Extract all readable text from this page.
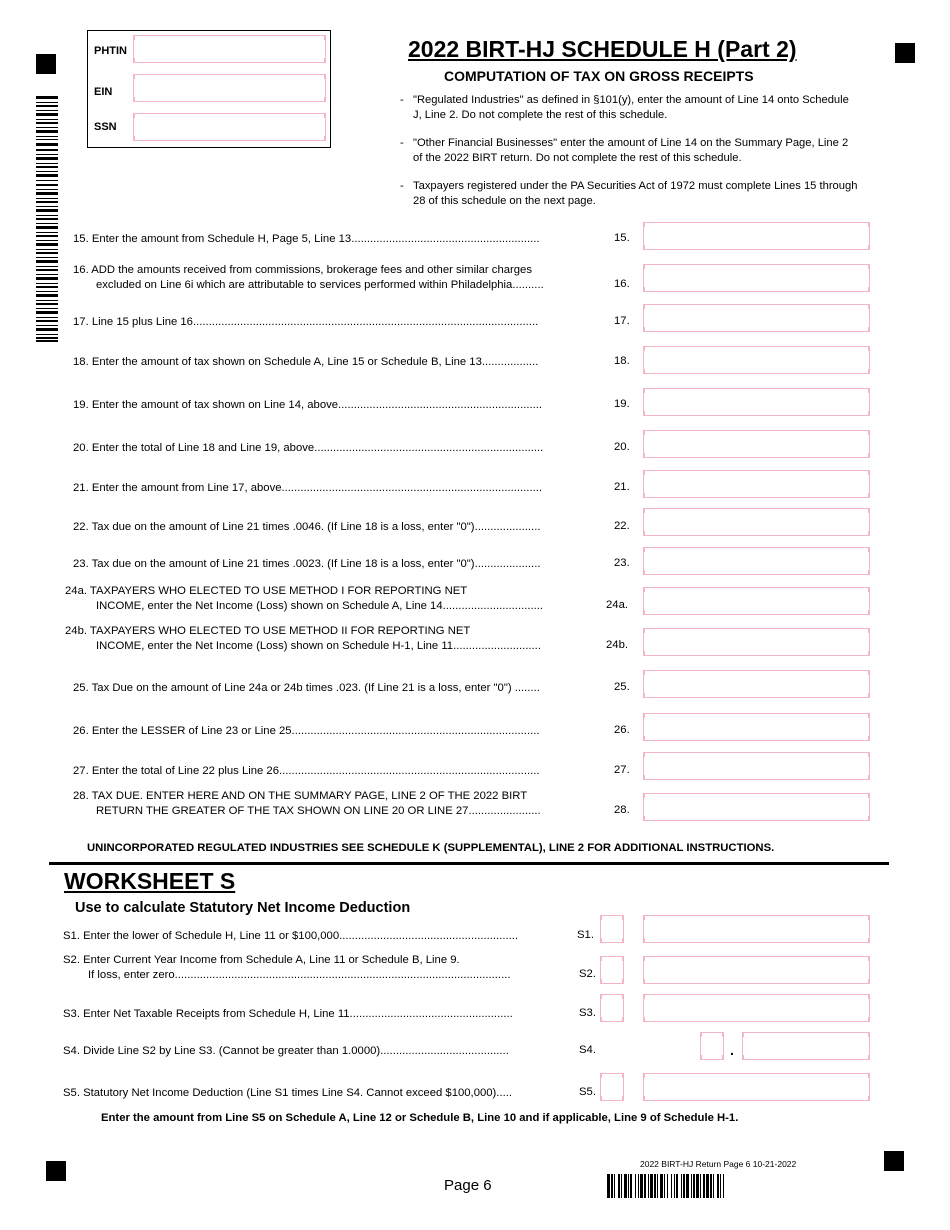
PHTIN
EIN
SSN
2022 BIRT-HJ SCHEDULE H (Part 2)
COMPUTATION OF TAX ON GROSS RECEIPTS
- "Regulated Industries" as defined in §101(y), enter the amount of Line 14 onto Schedule J, Line 2. Do not complete the rest of this schedule.
- "Other Financial Businesses" enter the amount of Line 14 on the Summary Page, Line 2 of the 2022 BIRT return. Do not complete the rest of this schedule.
- Taxpayers registered under the PA Securities Act of 1972 must complete Lines 15 through 28 of this schedule on the next page.
15. Enter the amount from Schedule H, Page 5, Line 13............................................................	15.
16. ADD the amounts received from commissions, brokerage fees and other similar charges
excluded on Line 6i which are attributable to services performed within Philadelphia..........	16.
17. Line 15 plus Line 16..............................................................................................................	17.
18. Enter the amount of tax shown on Schedule A, Line 15 or Schedule B, Line 13..................	18.
19. Enter the amount of tax shown on Line 14, above.................................................................	19.
20. Enter the total of Line 18 and Line 19, above.........................................................................	20.
21. Enter the amount from Line 17, above...................................................................................	21.
22. Tax due on the amount of Line 21 times .0046. (If Line 18 is a loss, enter "0").....................	22.
23. Tax due on the amount of Line 21 times .0023. (If Line 18 is a loss, enter "0").....................	23.
24a. TAXPAYERS WHO ELECTED TO USE METHOD I FOR REPORTING NET
INCOME, enter the Net Income (Loss) shown on Schedule A, Line 14................................	24a.
24b. TAXPAYERS WHO ELECTED TO USE METHOD II FOR REPORTING NET
INCOME, enter the Net Income (Loss) shown on Schedule H-1, Line 11............................	24b.
25. Tax Due on the amount of Line 24a or 24b times .023. (If Line 21 is a loss, enter "0") ........	25.
26. Enter the LESSER of Line 23 or Line 25...............................................................................	26.
27. Enter the total of Line 22 plus Line 26...................................................................................	27.
28. TAX DUE. ENTER HERE AND ON THE SUMMARY PAGE, LINE 2 OF THE 2022 BIRT
RETURN THE GREATER OF THE TAX SHOWN ON LINE 20 OR LINE 27.......................	28.
UNINCORPORATED REGULATED INDUSTRIES SEE SCHEDULE K (SUPPLEMENTAL), LINE 2 FOR ADDITIONAL INSTRUCTIONS.
WORKSHEET S
Use to calculate Statutory Net Income Deduction
S1. Enter the lower of Schedule H, Line 11 or $100,000.........................................................	S1.
S2. Enter Current Year Income from Schedule A, Line 11 or Schedule B, Line 9.
If loss, enter zero...........................................................................................................	S2.
S3. Enter Net Taxable Receipts from Schedule H, Line 11....................................................	S3.
S4. Divide Line S2 by Line S3. (Cannot be greater than 1.0000).........................................	S4.	.
S5. Statutory Net Income Deduction (Line S1 times Line S4. Cannot exceed $100,000).....	S5.
Enter the amount from Line S5 on Schedule A, Line 12 or Schedule B, Line 10 and if applicable, Line 9 of Schedule H-1.
2022 BIRT-HJ Return Page 6 10-21-2022
Page 6
